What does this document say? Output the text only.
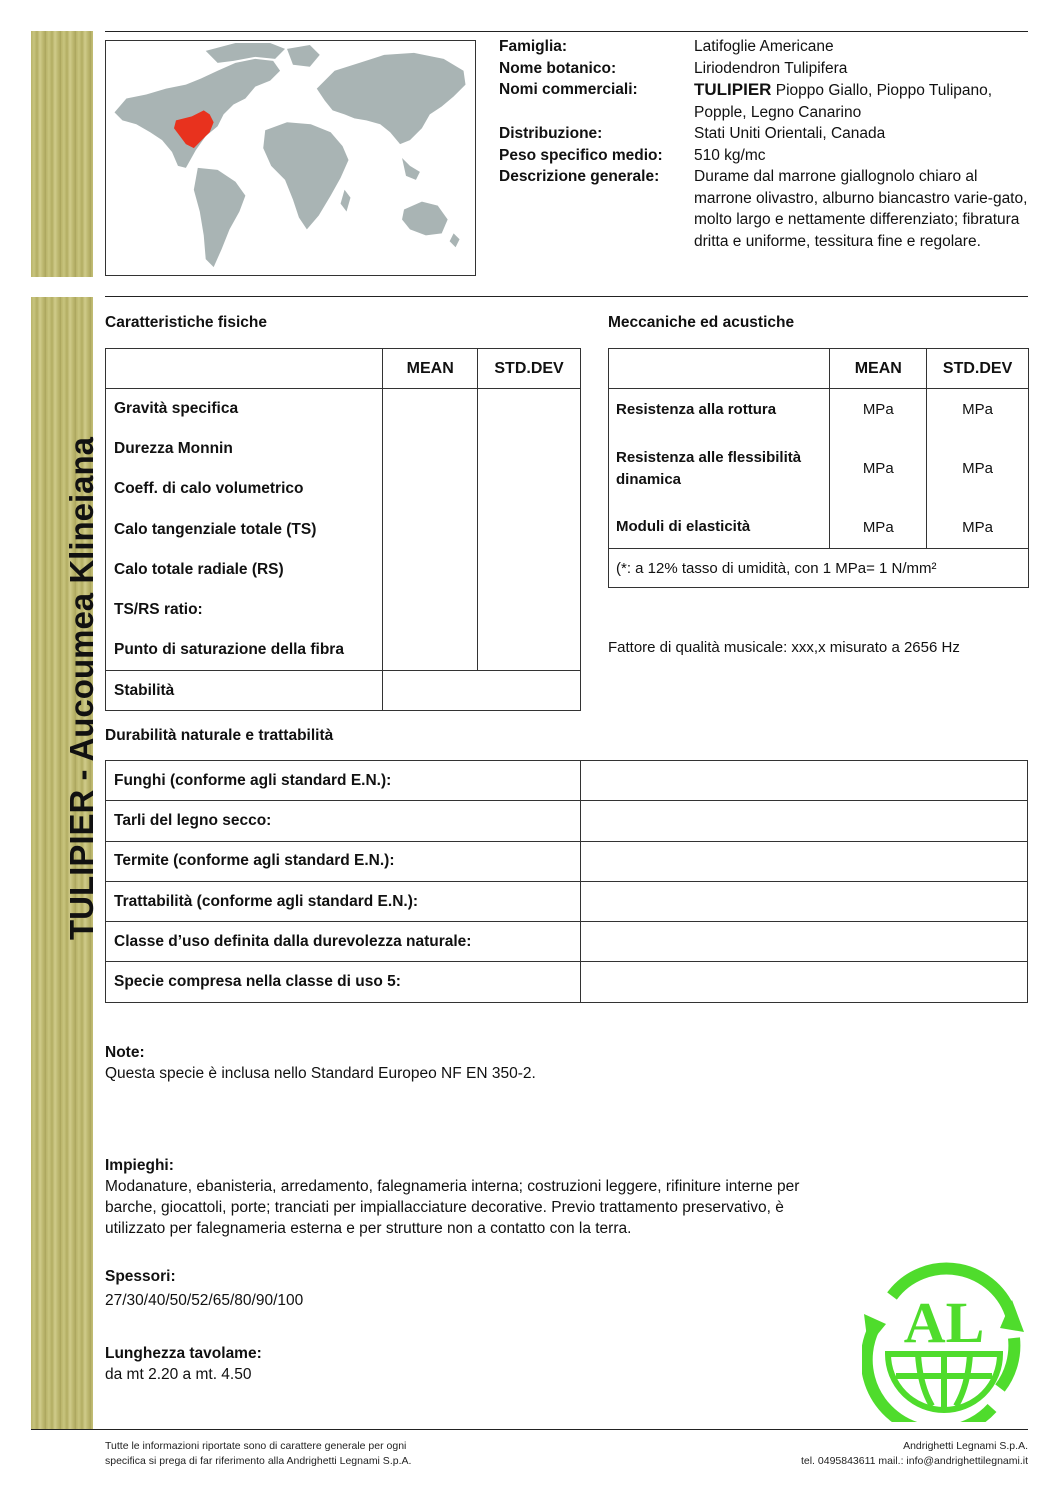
Famiglia:	Latifoglie Americane
Nome botanico:	Liriodendron Tulipifera
Nomi commerciali:	TULIPIER Pioppo Giallo, Pioppo Tulipano, Popple, Legno Canarino
Distribuzione:	Stati Uniti Orientali, Canada
Peso specifico medio:	510 kg/mc
Descrizione generale:	Durame dal marrone giallognolo chiaro al marrone olivastro, alburno biancastro varie-gato, molto largo e nettamente differenziato; fibratura dritta e uniforme, tessitura fine e regolare.
TULIPIER - Aucoumea Klineiana
Caratteristiche fisiche	Meccaniche ed acustiche
	MEAN	STD.DEV
Gravità specifica		
Durezza Monnin		
Coeff. di calo volumetrico		
Calo tangenziale totale (TS)		
Calo totale radiale (RS)		
TS/RS ratio:		
Punto di saturazione della fibra		
Stabilità		
	MEAN	STD.DEV
Resistenza alla rottura	MPa	MPa
Resistenza alle flessibilità dinamica	MPa	MPa
Moduli di elasticità	MPa	MPa
(*: a 12% tasso di umidità, con 1 MPa= 1 N/mm²		
Fattore di qualità musicale: xxx,x misurato a 2656 Hz
Durabilità naturale e trattabilità
Funghi (conforme agli standard E.N.):	
Tarli del legno secco:	
Termite (conforme agli standard E.N.):	
Trattabilità (conforme agli standard E.N.):	
Classe d’uso definita dalla durevolezza naturale:	
Specie compresa nella classe di uso 5:	
Note:
Questa specie è inclusa nello Standard Europeo NF EN 350-2.
Impieghi:
Modanature, ebanisteria, arredamento, falegnameria interna; costruzioni leggere, rifiniture interne per barche, giocattoli, porte; tranciati per impiallacciature decorative. Previo trattamento preservativo, è utilizzato per falegnameria esterna e per strutture non a contatto con la terra.
Spessori:
27/30/40/50/52/65/80/90/100
Lunghezza tavolame:
da mt 2.20 a mt. 4.50
AL
Tutte le informazioni riportate sono di carattere generale per ogni
specifica si prega di far riferimento alla Andrighetti Legnami S.p.A.
Andrighetti Legnami S.p.A.
tel. 0495843611 mail.: info@andrighettilegnami.it
